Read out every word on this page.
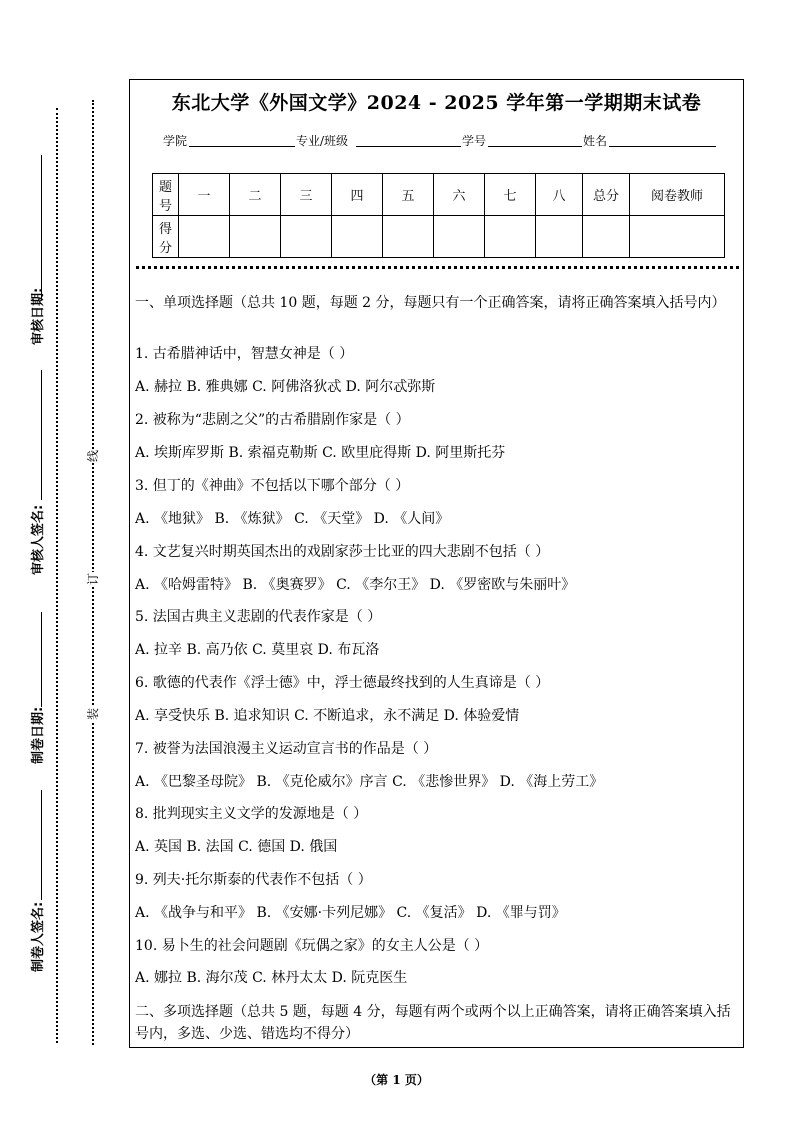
审核日期:
审核人签名:
制卷日期:
制卷人签名:
线
订
装
东北大学《外国文学》2024 - 2025 学年第一学期期末试卷
学院	专业/班级	学号	姓名
题号	一	二	三	四	五	六	七	八	总分	阅卷教师
得分										
一、单项选择题（总共 10 题，每题 2 分，每题只有一个正确答案，请将正确答案填入括号内）
1. 古希腊神话中，智慧女神是（ ）
A. 赫拉 B. 雅典娜 C. 阿佛洛狄忒 D. 阿尔忒弥斯
2. 被称为“悲剧之父”的古希腊剧作家是（ ）
A. 埃斯库罗斯 B. 索福克勒斯 C. 欧里庇得斯 D. 阿里斯托芬
3. 但丁的《神曲》不包括以下哪个部分（ ）
A. 《地狱》 B. 《炼狱》 C. 《天堂》 D. 《人间》
4. 文艺复兴时期英国杰出的戏剧家莎士比亚的四大悲剧不包括（ ）
A. 《哈姆雷特》 B. 《奥赛罗》 C. 《李尔王》 D. 《罗密欧与朱丽叶》
5. 法国古典主义悲剧的代表作家是（ ）
A. 拉辛 B. 高乃依 C. 莫里哀 D. 布瓦洛
6. 歌德的代表作《浮士德》中，浮士德最终找到的人生真谛是（ ）
A. 享受快乐 B. 追求知识 C. 不断追求，永不满足 D. 体验爱情
7. 被誉为法国浪漫主义运动宣言书的作品是（ ）
A. 《巴黎圣母院》 B. 《克伦威尔》序言 C. 《悲惨世界》 D. 《海上劳工》
8. 批判现实主义文学的发源地是（ ）
A. 英国 B. 法国 C. 德国 D. 俄国
9. 列夫·托尔斯泰的代表作不包括（ ）
A. 《战争与和平》 B. 《安娜·卡列尼娜》 C. 《复活》 D. 《罪与罚》
10. 易卜生的社会问题剧《玩偶之家》的女主人公是（ ）
A. 娜拉 B. 海尔茂 C. 林丹太太 D. 阮克医生
二、多项选择题（总共 5 题，每题 4 分，每题有两个或两个以上正确答案，请将正确答案填入括号内，多选、少选、错选均不得分）
（第 1 页）
